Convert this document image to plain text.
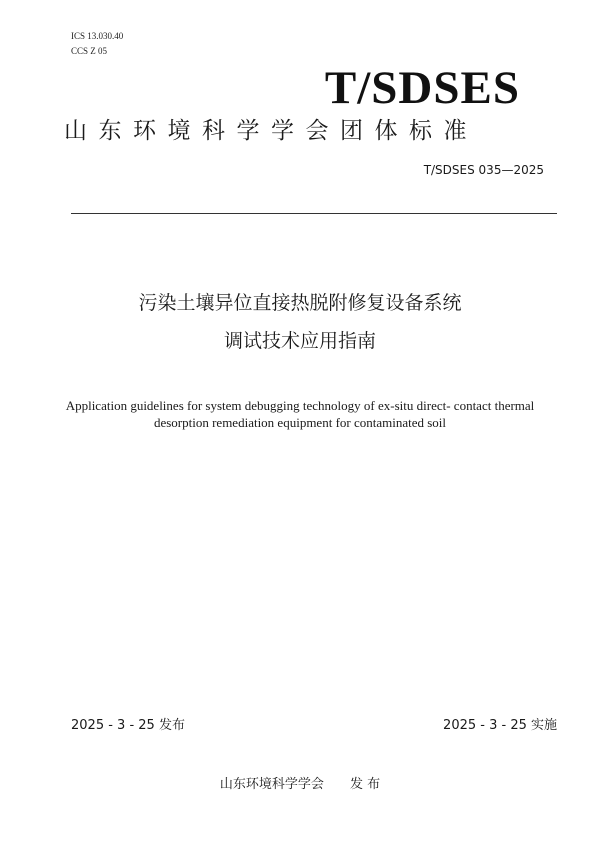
ICS 13.030.40
CCS Z 05
T/SDSES
山东环境科学学会团体标准
T/SDSES 035—2025
污染土壤异位直接热脱附修复设备系统
调试技术应用指南
Application guidelines for system debugging technology of ex-situ direct- contact thermal
desorption remediation equipment for contaminated soil
2025 - 3 - 25 发布	2025 - 3 - 25 实施
山东环境科学学会 发 布
